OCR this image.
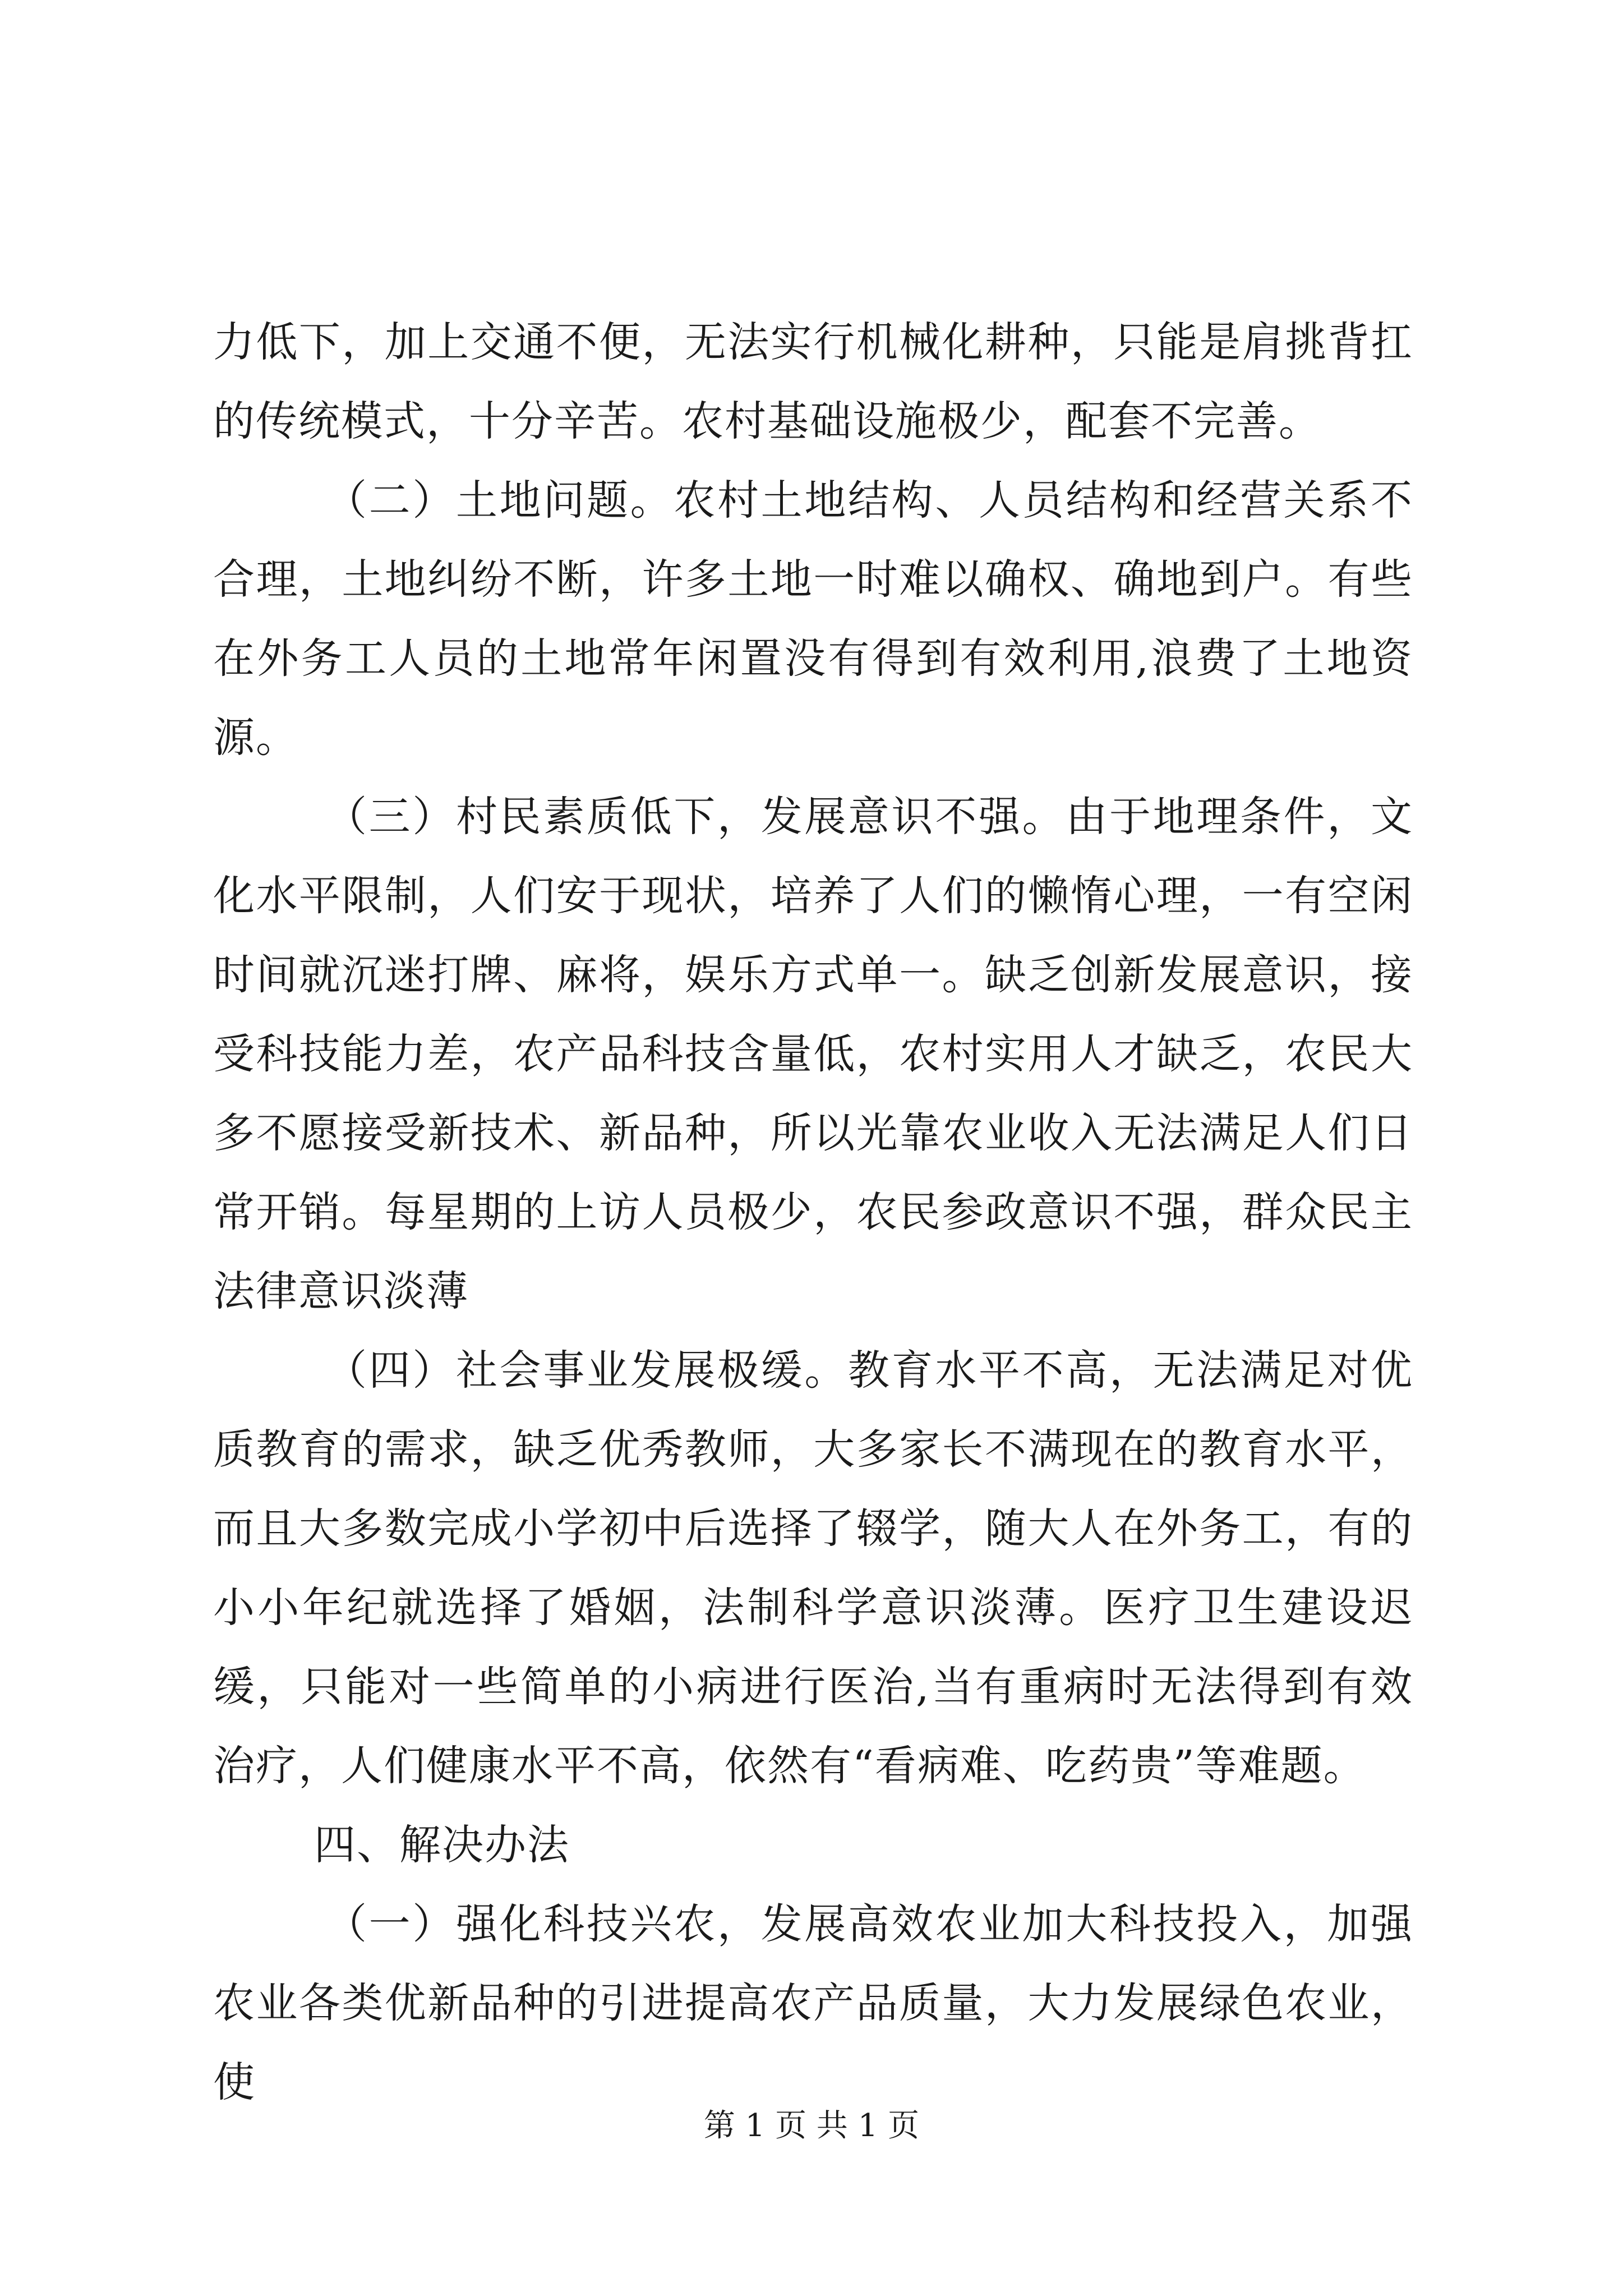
力低下，加上交通不便，无法实行机械化耕种，只能是肩挑背扛的传统模式，十分辛苦。农村基础设施极少，配套不完善。

（二）土地问题。农村土地结构、人员结构和经营关系不合理，土地纠纷不断，许多土地一时难以确权、确地到户。有些在外务工人员的土地常年闲置没有得到有效利用,浪费了土地资源。

（三）村民素质低下，发展意识不强。由于地理条件，文化水平限制，人们安于现状，培养了人们的懒惰心理，一有空闲时间就沉迷打牌、麻将，娱乐方式单一。缺乏创新发展意识，接受科技能力差，农产品科技含量低，农村实用人才缺乏，农民大多不愿接受新技术、新品种，所以光靠农业收入无法满足人们日常开销。每星期的上访人员极少，农民参政意识不强，群众民主法律意识淡薄

（四）社会事业发展极缓。教育水平不高，无法满足对优质教育的需求，缺乏优秀教师，大多家长不满现在的教育水平，而且大多数完成小学初中后选择了辍学，随大人在外务工，有的小小年纪就选择了婚姻，法制科学意识淡薄。医疗卫生建设迟缓，只能对一些简单的小病进行医治,当有重病时无法得到有效治疗，人们健康水平不高，依然有“看病难、吃药贵”等难题。

四、解决办法

（一）强化科技兴农，发展高效农业加大科技投入，加强农业各类优新品种的引进提高农产品质量，大力发展绿色农业，使

第 1 页 共 1 页
